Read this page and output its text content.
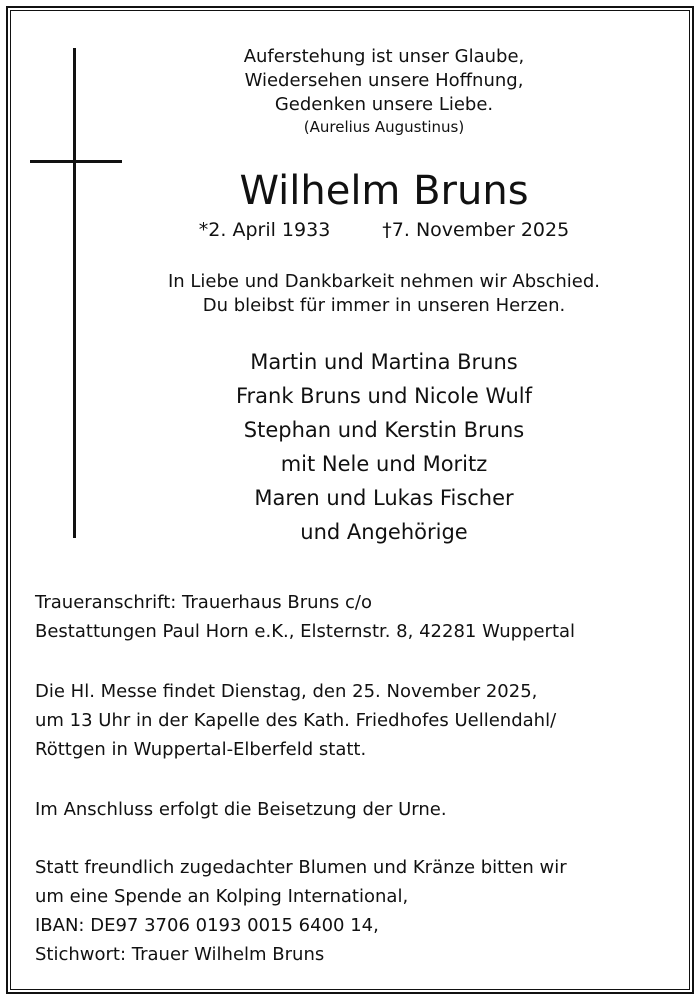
Auferstehung ist unser Glaube,
Wiedersehen unsere Hoffnung,
Gedenken unsere Liebe.
(Aurelius Augustinus)
Wilhelm Bruns
*2. April 1933	†7. November 2025
In Liebe und Dankbarkeit nehmen wir Abschied.
Du bleibst für immer in unseren Herzen.
Martin und Martina Bruns
Frank Bruns und Nicole Wulf
Stephan und Kerstin Bruns
mit Nele und Moritz
Maren und Lukas Fischer
und Angehörige
Traueranschrift: Trauerhaus Bruns c/o
Bestattungen Paul Horn e.K., Elsternstr. 8, 42281 Wuppertal
Die Hl. Messe findet Dienstag, den 25. November 2025,
um 13 Uhr in der Kapelle des Kath. Friedhofes Uellendahl/
Röttgen in Wuppertal-Elberfeld statt.
Im Anschluss erfolgt die Beisetzung der Urne.
Statt freundlich zugedachter Blumen und Kränze bitten wir
um eine Spende an Kolping International,
IBAN: DE97 3706 0193 0015 6400 14,
Stichwort: Trauer Wilhelm Bruns
